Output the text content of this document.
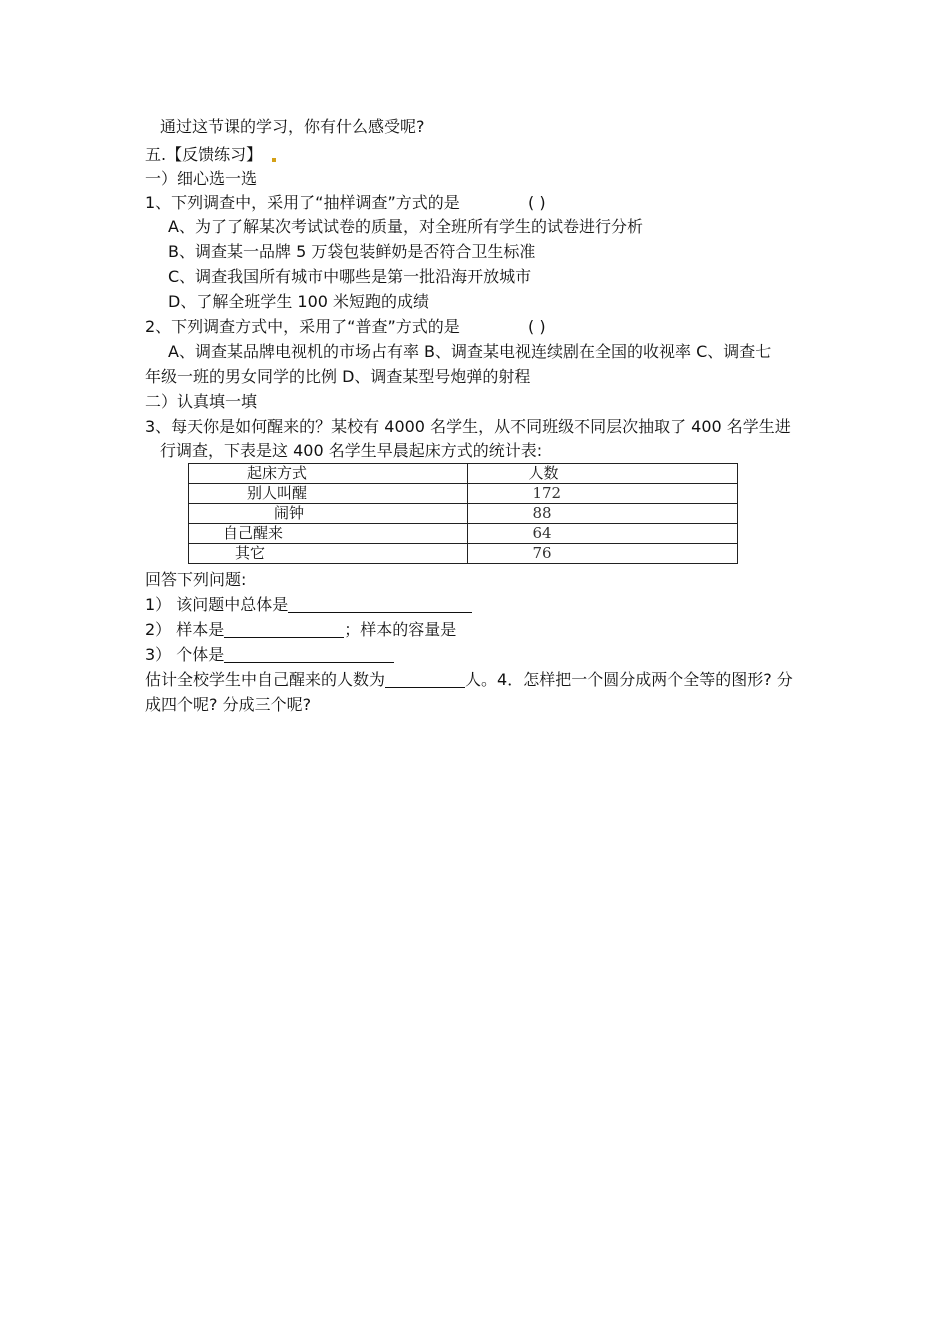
通过这节课的学习，你有什么感受呢?
五.【反馈练习】
一）细心选一选
1、下列调查中，采用了“抽样调查”方式的是	( )
A、为了了解某次考试试卷的质量，对全班所有学生的试卷进行分析
B、调查某一品牌 5 万袋包装鲜奶是否符合卫生标准
C、调查我国所有城市中哪些是第一批沿海开放城市
D、了解全班学生 100 米短跑的成绩
2、下列调查方式中，采用了“普查”方式的是	( )
A、调查某品牌电视机的市场占有率 B、调查某电视连续剧在全国的收视率 C、调查七
年级一班的男女同学的比例 D、调查某型号炮弹的射程
二）认真填一填
3、每天你是如何醒来的？某校有 4000 名学生，从不同班级不同层次抽取了 400 名学生进
行调查，下表是这 400 名学生早晨起床方式的统计表:
起床方式	人数
别人叫醒	172
闹钟	88
自己醒来	64
其它	76
回答下列问题:
1） 该问题中总体是
2） 样本是	；样本的容量是
3） 个体是
估计全校学生中自己醒来的人数为	人。4．怎样把一个圆分成两个全等的图形? 分
成四个呢? 分成三个呢?
